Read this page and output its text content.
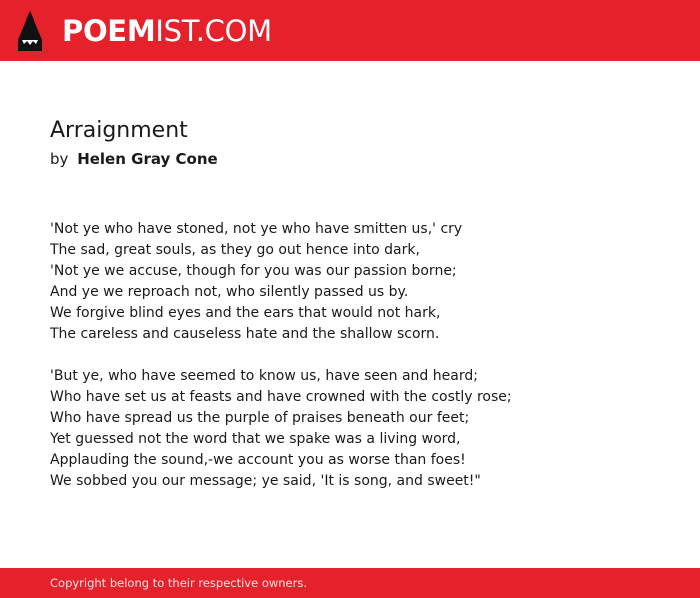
POEMIST.COM
Arraignment
by Helen Gray Cone
'Not ye who have stoned, not ye who have smitten us,' cry
The sad, great souls, as they go out hence into dark,
'Not ye we accuse, though for you was our passion borne;
And ye we reproach not, who silently passed us by.
We forgive blind eyes and the ears that would not hark,
The careless and causeless hate and the shallow scorn.
'But ye, who have seemed to know us, have seen and heard;
Who have set us at feasts and have crowned with the costly rose;
Who have spread us the purple of praises beneath our feet;
Yet guessed not the word that we spake was a living word,
Applauding the sound,-we account you as worse than foes!
We sobbed you our message; ye said, 'It is song, and sweet!"
Copyright belong to their respective owners.
